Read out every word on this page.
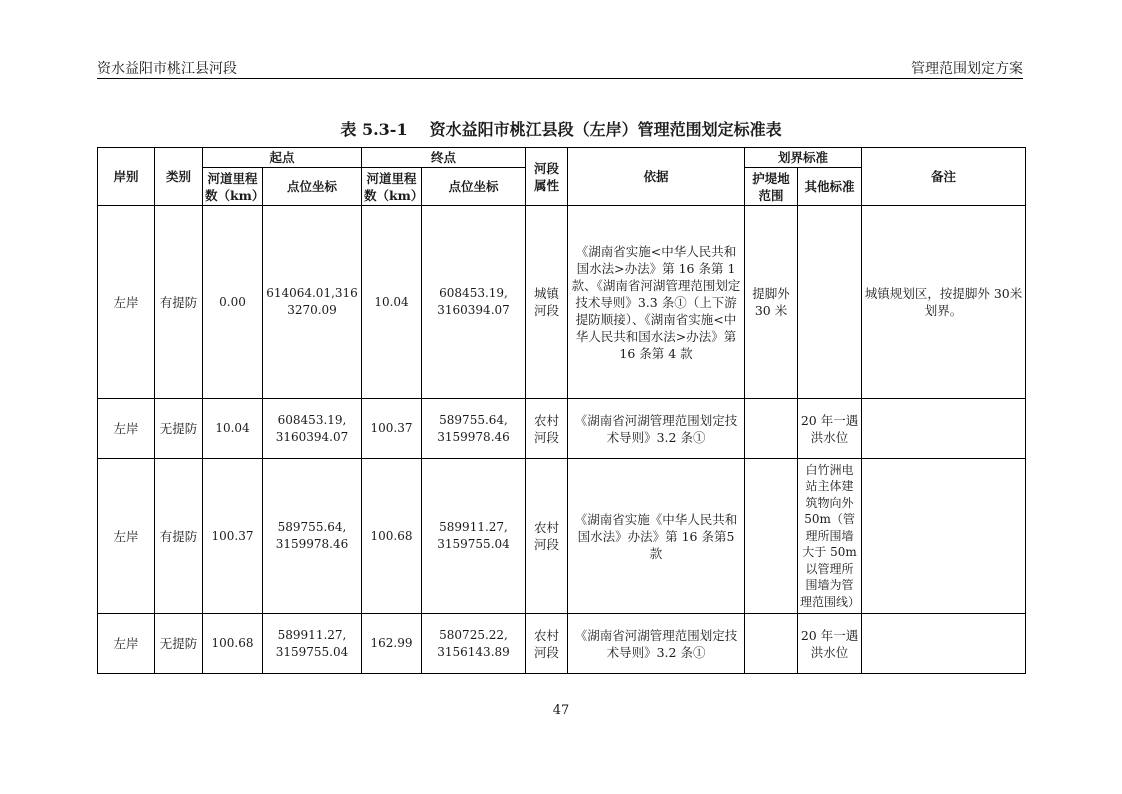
资水益阳市桃江县河段	管理范围划定方案
表 5.3-1 资水益阳市桃江县段（左岸）管理范围划定标准表
岸别	类别	起点		终点		河段属性	依据	划界标准		备注
		河道里程数（km）	点位坐标	河道里程数（km）	点位坐标			护堤地范围	其他标准	
左岸	有提防	0.00	614064.01,3163270.09	10.04	608453.19, 3160394.07	城镇河段	《湖南省实施<中华人民共和国水法>办法》第 16 条第 1 款、《湖南省河湖管理范围划定技术导则》3.3 条①（上下游提防顺接）、《湖南省实施<中华人民共和国水法>办法》第 16 条第 4 款	提脚外30 米		城镇规划区，按提脚外 30米划界。
左岸	无提防	10.04	608453.19, 3160394.07	100.37	589755.64, 3159978.46	农村河段	《湖南省河湖管理范围划定技术导则》3.2 条①		20 年一遇洪水位	
左岸	有提防	100.37	589755.64, 3159978.46	100.68	589911.27, 3159755.04	农村河段	《湖南省实施《中华人民共和国水法》办法》第 16 条第5 款		白竹洲电站主体建筑物向外50m（管理所围墙大于 50m 以管理所围墙为管理范围线）	
左岸	无提防	100.68	589911.27, 3159755.04	162.99	580725.22, 3156143.89	农村河段	《湖南省河湖管理范围划定技术导则》3.2 条①		20 年一遇洪水位	
47
